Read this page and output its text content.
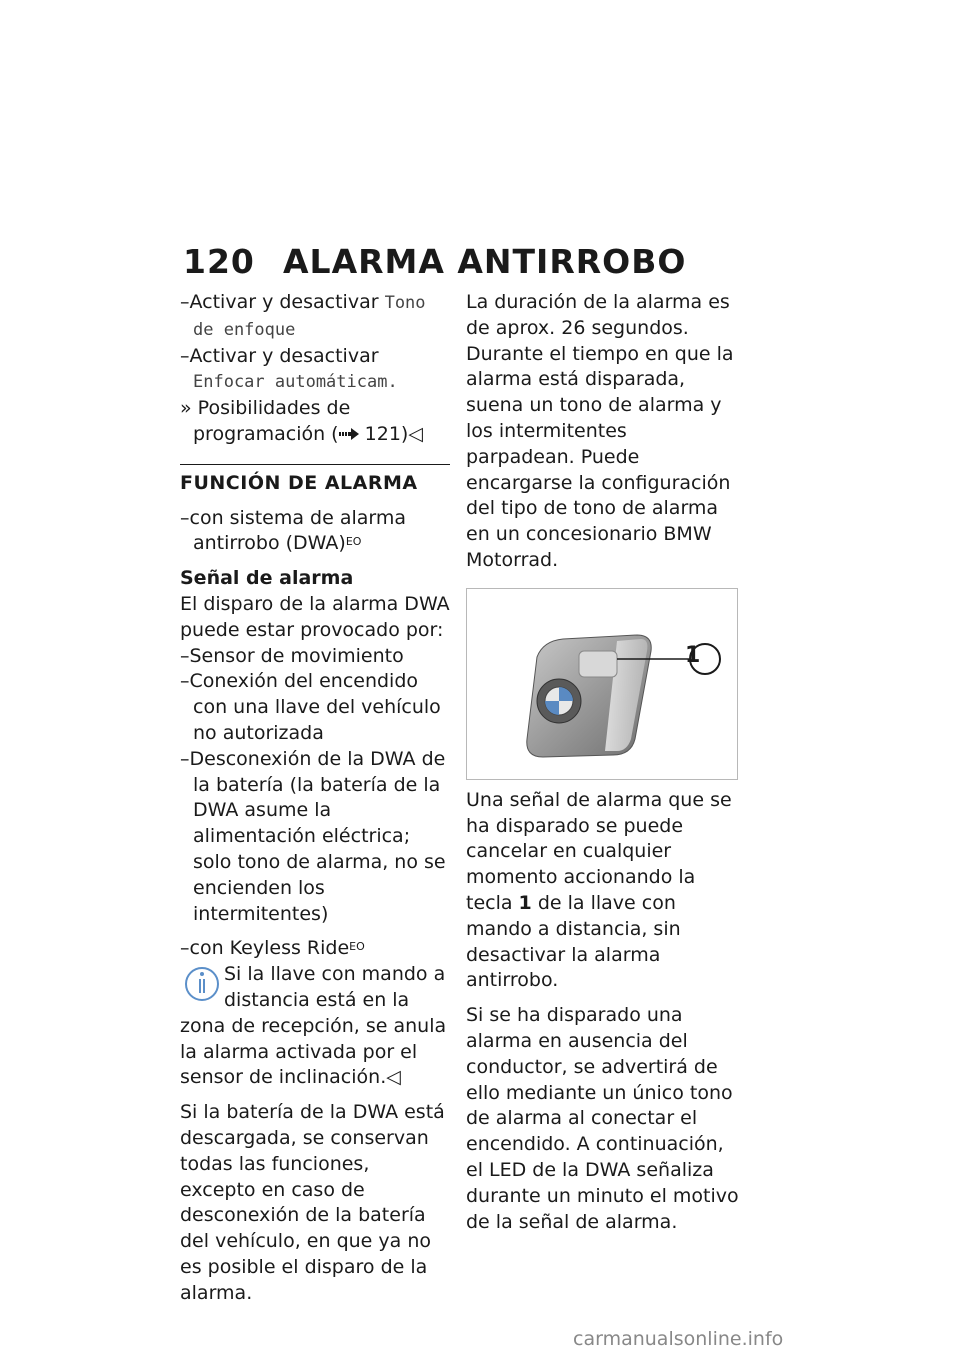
120 ALARMA ANTIRROBO
–Activar y desactivar Tono de enfoque
–Activar y desactivar Enfocar automáticam.
» Posibilidades de programación ( 121)◁
FUNCIÓN DE ALARMA
–con sistema de alarma antirrobo (DWA)$^{EO}$
Señal de alarma
El disparo de la alarma DWA puede estar provocado por:
–Sensor de movimiento
–Conexión del encendido con una llave del vehículo no autorizada
–Desconexión de la DWA de la batería (la batería de la DWA asume la alimentación eléctrica; solo tono de alarma, no se encienden los intermitentes)
–con Keyless Ride$^{EO}$
Si la llave con mando a distancia está en la zona de recepción, se anula la alarma activada por el sensor de inclinación.◁
Si la batería de la DWA está descargada, se conservan todas las funciones, excepto en caso de desconexión de la batería del vehículo, en que ya no es posible el disparo de la alarma.
La duración de la alarma es de aprox. 26 segundos. Durante el tiempo en que la alarma está disparada, suena un tono de alarma y los intermitentes parpadean. Puede encargarse la configuración del tipo de tono de alarma en un concesionario BMW Motorrad.
1
Una señal de alarma que se ha disparado se puede cancelar en cualquier momento accionando la tecla 1 de la llave con mando a distancia, sin desactivar la alarma antirrobo.
Si se ha disparado una alarma en ausencia del conductor, se advertirá de ello mediante un único tono de alarma al conectar el encendido. A continuación, el LED de la DWA señaliza durante un minuto el motivo de la señal de alarma.
carmanualsonline.info
